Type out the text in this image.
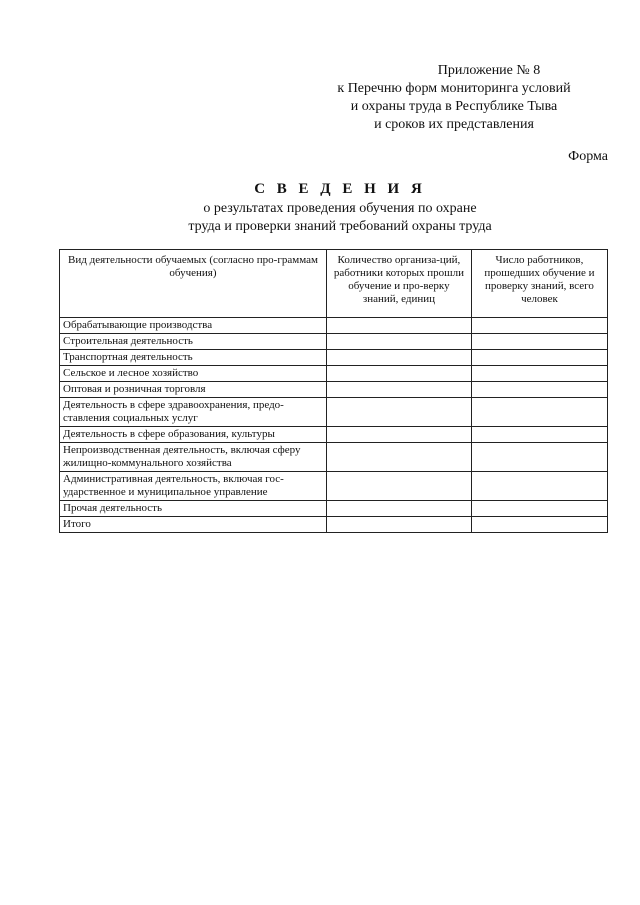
Приложение № 8
к Перечню форм мониторинга условий
и охраны труда в Республике Тыва
и сроков их представления
Форма
С В Е Д Е Н И Я
о результатах проведения обучения по охране
труда и проверки знаний требований охраны труда
Вид деятельности обучаемых (согласно про-граммам обучения)	Количество организа-ций, работники которых прошли обучение и про-верку знаний, единиц	Число работников, прошедших обучение и проверку знаний, всего человек
Обрабатывающие производства		
Строительная деятельность		
Транспортная деятельность		
Сельское и лесное хозяйство		
Оптовая и розничная торговля		
Деятельность в сфере здравоохранения, предо-ставления социальных услуг		
Деятельность в сфере образования, культуры		
Непроизводственная деятельность, включая сферу жилищно-коммунального хозяйства		
Административная деятельность, включая гос-ударственное и муниципальное управление		
Прочая деятельность		
Итого		
